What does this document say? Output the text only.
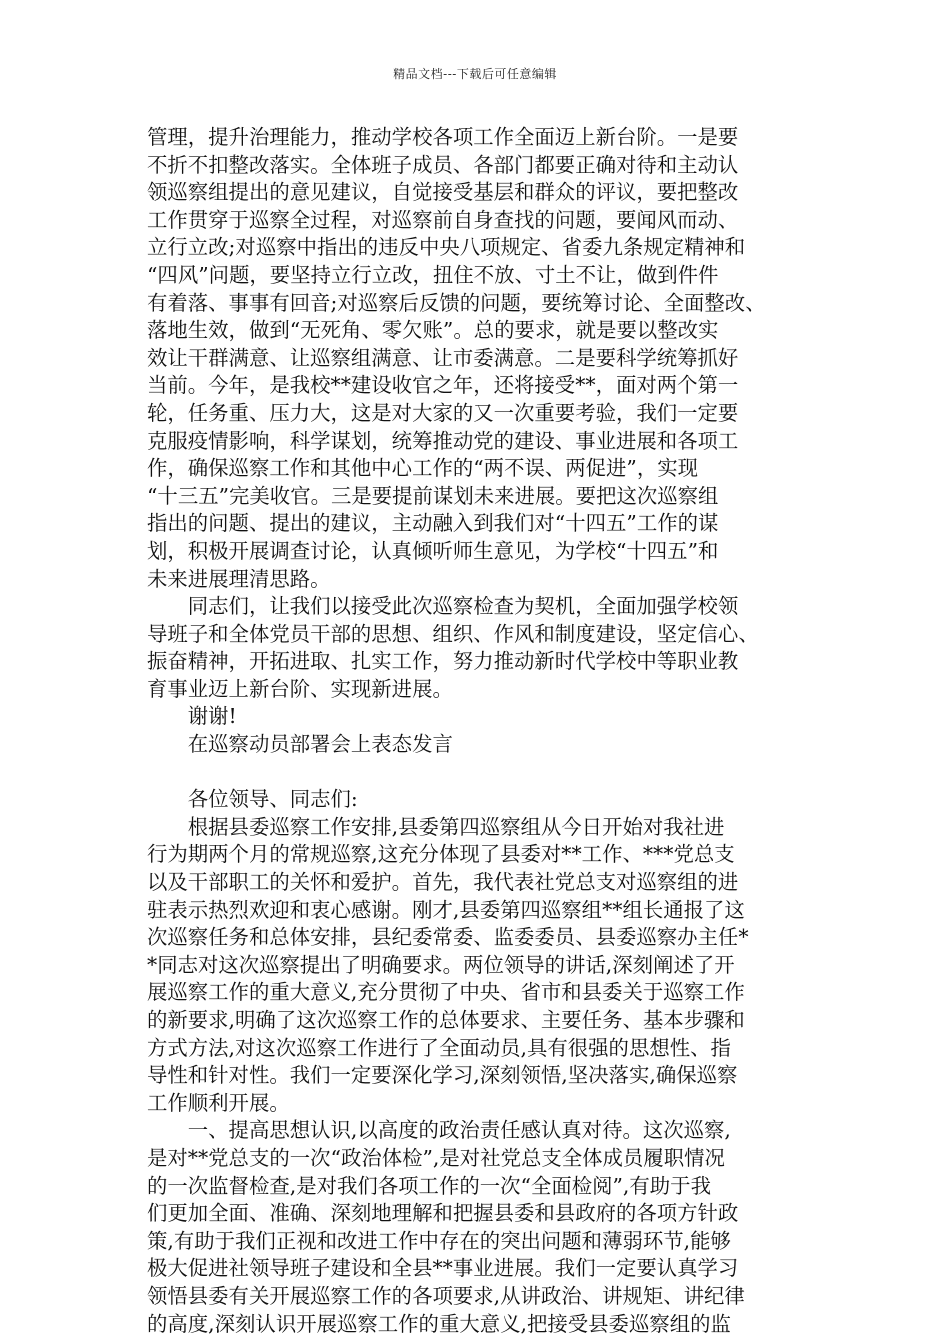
精品文档---下载后可任意编辑
管理，提升治理能力，推动学校各项工作全面迈上新台阶。一是要
不折不扣整改落实。全体班子成员、各部门都要正确对待和主动认
领巡察组提出的意见建议，自觉接受基层和群众的评议，要把整改
工作贯穿于巡察全过程，对巡察前自身查找的问题，要闻风而动、
立行立改;对巡察中指出的违反中央八项规定、省委九条规定精神和
“四风”问题，要坚持立行立改，扭住不放、寸土不让，做到件件
有着落、事事有回音;对巡察后反馈的问题，要统筹讨论、全面整改、
落地生效，做到“无死角、零欠账”。总的要求，就是要以整改实
效让干群满意、让巡察组满意、让市委满意。二是要科学统筹抓好
当前。今年，是我校**建设收官之年，还将接受**，面对两个第一
轮，任务重、压力大，这是对大家的又一次重要考验，我们一定要
克服疫情影响，科学谋划，统筹推动党的建设、事业进展和各项工
作，确保巡察工作和其他中心工作的“两不误、两促进”，实现
“十三五”完美收官。三是要提前谋划未来进展。要把这次巡察组
指出的问题、提出的建议，主动融入到我们对“十四五”工作的谋
划，积极开展调查讨论，认真倾听师生意见，为学校“十四五”和
未来进展理清思路。
　　同志们，让我们以接受此次巡察检查为契机，全面加强学校领
导班子和全体党员干部的思想、组织、作风和制度建设，坚定信心、
振奋精神，开拓进取、扎实工作，努力推动新时代学校中等职业教
育事业迈上新台阶、实现新进展。
　　谢谢!
　　在巡察动员部署会上表态发言
　　各位领导、同志们:
　　根据县委巡察工作安排,县委第四巡察组从今日开始对我社进
行为期两个月的常规巡察,这充分体现了县委对**工作、***党总支
以及干部职工的关怀和爱护。首先，我代表社党总支对巡察组的进
驻表示热烈欢迎和衷心感谢。刚才,县委第四巡察组**组长通报了这
次巡察任务和总体安排，县纪委常委、监委委员、县委巡察办主任*
*同志对这次巡察提出了明确要求。两位领导的讲话,深刻阐述了开
展巡察工作的重大意义,充分贯彻了中央、省市和县委关于巡察工作
的新要求,明确了这次巡察工作的总体要求、主要任务、基本步骤和
方式方法,对这次巡察工作进行了全面动员,具有很强的思想性、指
导性和针对性。我们一定要深化学习,深刻领悟,坚决落实,确保巡察
工作顺利开展。
　　一、提高思想认识,以高度的政治责任感认真对待。这次巡察,
是对**党总支的一次“政治体检”,是对社党总支全体成员履职情况
的一次监督检查,是对我们各项工作的一次“全面检阅”,有助于我
们更加全面、准确、深刻地理解和把握县委和县政府的各项方针政
策,有助于我们正视和改进工作中存在的突出问题和薄弱环节,能够
极大促进社领导班子建设和全县**事业进展。我们一定要认真学习
领悟县委有关开展巡察工作的各项要求,从讲政治、讲规矩、讲纪律
的高度,深刻认识开展巡察工作的重大意义,把接受县委巡察组的监
